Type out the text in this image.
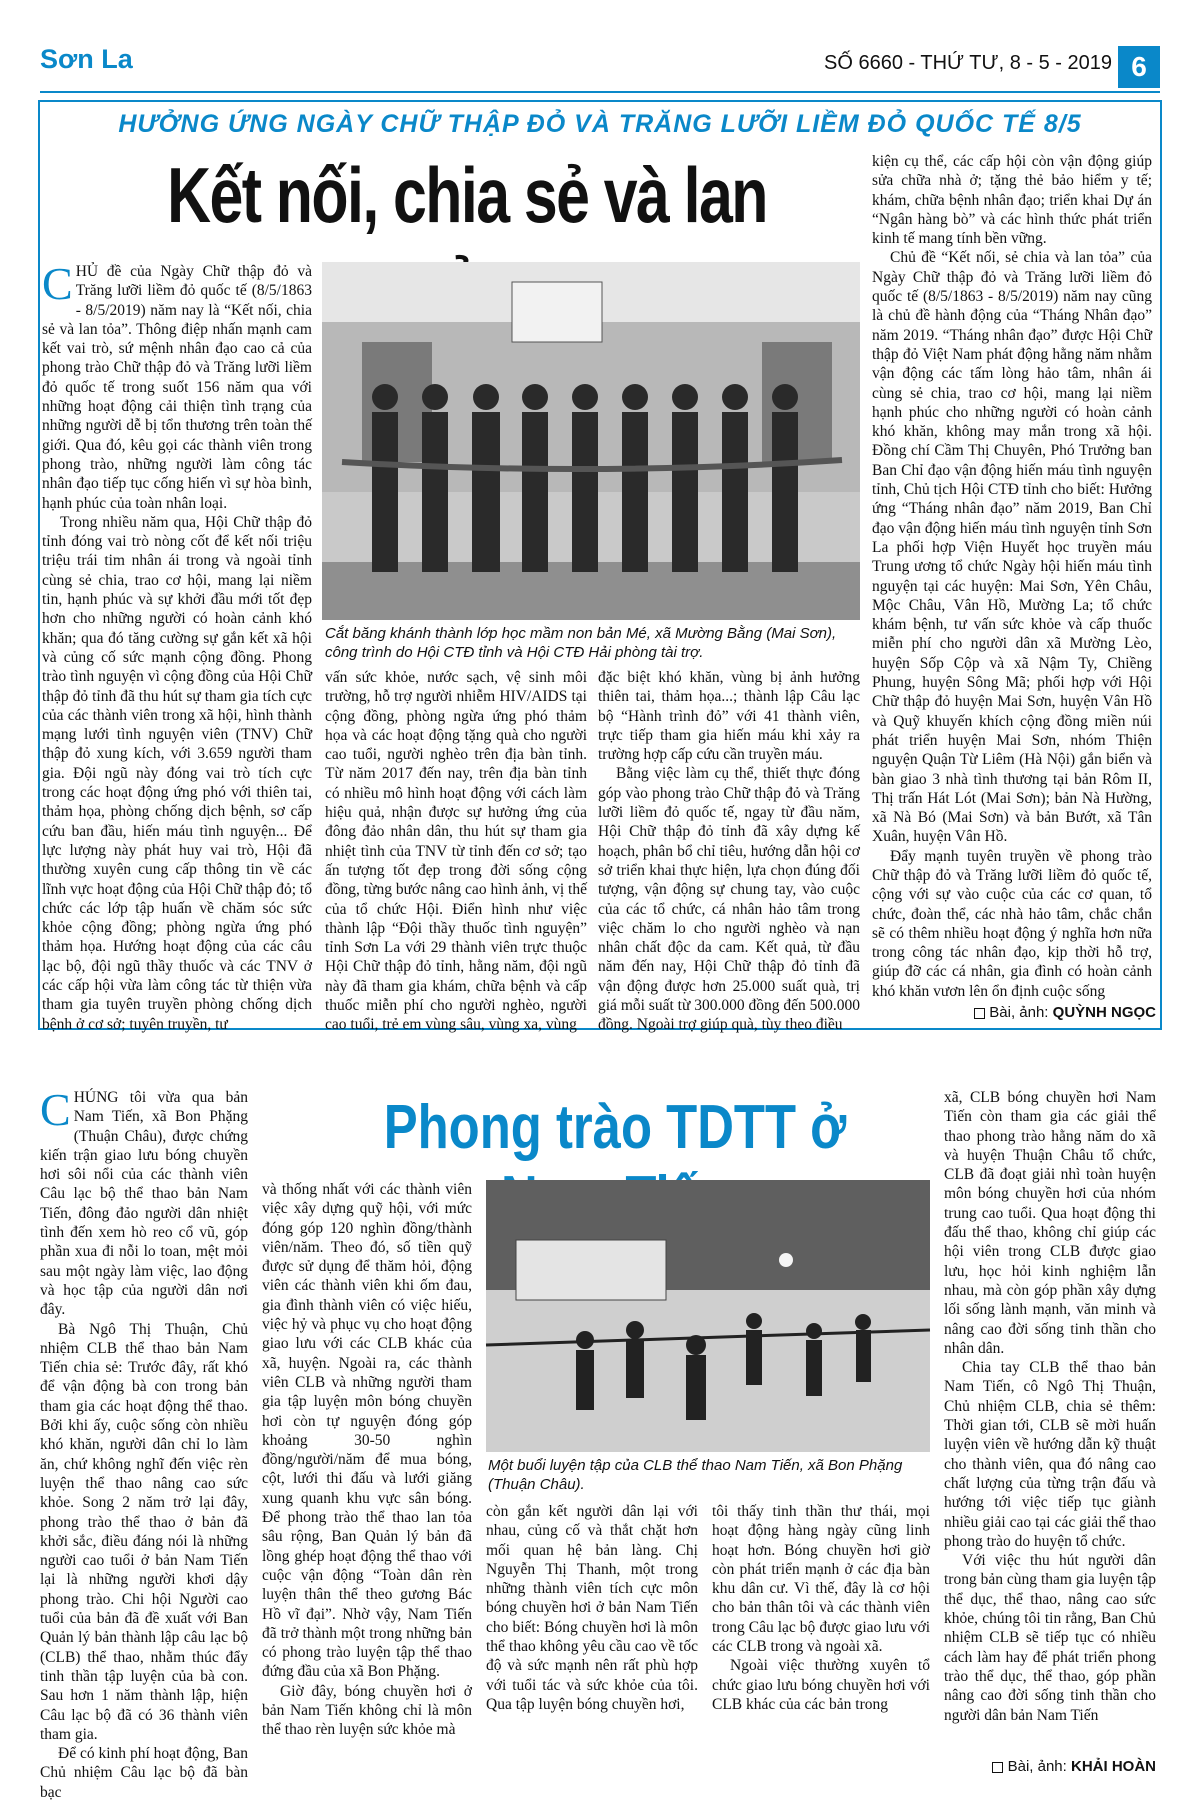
Sơn La	SỐ 6660 - THỨ TƯ, 8 - 5 - 2019 6
HƯỞNG ỨNG NGÀY CHỮ THẬP ĐỎ VÀ TRĂNG LƯỠI LIỀM ĐỎ QUỐC TẾ 8/5
Kết nối, chia sẻ và lan

CHỦ đề của Ngày Chữ thập đỏ và Trăng lưỡi liềm đỏ quốc tế (8/5/1863 - 8/5/2019) năm nay là “Kết nối, chia sẻ và lan tỏa”. Thông điệp nhấn mạnh cam kết vai trò, sứ mệnh nhân đạo cao cả của phong trào Chữ thập đỏ và Trăng lưỡi liềm đỏ quốc tế trong suốt 156 năm qua với những hoạt động cải thiện tình trạng của những người dễ bị tổn thương trên toàn thế giới. Qua đó, kêu gọi các thành viên trong phong trào, những người làm công tác nhân đạo tiếp tục cống hiến vì sự hòa bình, hạnh phúc của toàn nhân loại.

Trong nhiều năm qua, Hội Chữ thập đỏ tỉnh đóng vai trò nòng cốt để kết nối triệu triệu trái tim nhân ái trong và ngoài tỉnh cùng sẻ chia, trao cơ hội, mang lại niềm tin, hạnh phúc và sự khởi đầu mới tốt đẹp hơn cho những người có hoàn cảnh khó khăn; qua đó tăng cường sự gắn kết xã hội và củng cố sức mạnh cộng đồng. Phong trào tình nguyện vì cộng đồng của Hội Chữ thập đỏ tỉnh đã thu hút sự tham gia tích cực của các thành viên trong xã hội, hình thành mạng lưới tình nguyện viên (TNV) Chữ thập đỏ xung kích, với 3.659 người tham gia. Đội ngũ này đóng vai trò tích cực trong các hoạt động ứng phó với thiên tai, thảm họa, phòng chống dịch bệnh, sơ cấp cứu ban đầu, hiến máu tình nguyện... Để lực lượng này phát huy vai trò, Hội đã thường xuyên cung cấp thông tin về các lĩnh vực hoạt động của Hội Chữ thập đỏ; tổ chức các lớp tập huấn về chăm sóc sức khỏe cộng đồng; phòng ngừa ứng phó thảm họa. Hướng hoạt động của các câu lạc bộ, đội ngũ thầy thuốc và các TNV ở các cấp hội vừa làm công tác từ thiện vừa tham gia tuyên truyền phòng chống dịch bệnh ở cơ sở; tuyên truyền, tư

Cắt băng khánh thành lớp học mầm non bản Mé, xã Mường Bằng (Mai Sơn), công trình do Hội CTĐ tỉnh và Hội CTĐ Hải phòng tài trợ.

vấn sức khỏe, nước sạch, vệ sinh môi trường, hỗ trợ người nhiễm HIV/AIDS tại cộng đồng, phòng ngừa ứng phó thảm họa và các hoạt động tặng quà cho người cao tuổi, người nghèo trên địa bàn tỉnh. Từ năm 2017 đến nay, trên địa bàn tỉnh có nhiều mô hình hoạt động với cách làm hiệu quả, nhận được sự hưởng ứng của đông đảo nhân dân, thu hút sự tham gia nhiệt tình của TNV từ tỉnh đến cơ sở; tạo ấn tượng tốt đẹp trong đời sống cộng đồng, từng bước nâng cao hình ảnh, vị thế của tổ chức Hội. Điển hình như việc thành lập “Đội thầy thuốc tình nguyện” tỉnh Sơn La với 29 thành viên trực thuộc Hội Chữ thập đỏ tỉnh, hằng năm, đội ngũ này đã tham gia khám, chữa bệnh và cấp thuốc miễn phí cho người nghèo, người cao tuổi, trẻ em vùng sâu, vùng xa, vùng

đặc biệt khó khăn, vùng bị ảnh hưởng thiên tai, thảm họa...; thành lập Câu lạc bộ “Hành trình đỏ” với 41 thành viên, trực tiếp tham gia hiến máu khi xảy ra trường hợp cấp cứu cần truyền máu.

Bằng việc làm cụ thể, thiết thực đóng góp vào phong trào Chữ thập đỏ và Trăng lưỡi liềm đỏ quốc tế, ngay từ đầu năm, Hội Chữ thập đỏ tỉnh đã xây dựng kế hoạch, phân bổ chỉ tiêu, hướng dẫn hội cơ sở triển khai thực hiện, lựa chọn đúng đối tượng, vận động sự chung tay, vào cuộc của các tổ chức, cá nhân hảo tâm trong việc chăm lo cho người nghèo và nạn nhân chất độc da cam. Kết quả, từ đầu năm đến nay, Hội Chữ thập đỏ tỉnh đã vận động được hơn 25.000 suất quà, trị giá mỗi suất từ 300.000 đồng đến 500.000 đồng. Ngoài trợ giúp quà, tùy theo điều

kiện cụ thể, các cấp hội còn vận động giúp sửa chữa nhà ở; tặng thẻ bảo hiểm y tế; khám, chữa bệnh nhân đạo; triển khai Dự án “Ngân hàng bò” và các hình thức phát triển kinh tế mang tính bền vững.

Chủ đề “Kết nối, sẻ chia và lan tỏa” của Ngày Chữ thập đỏ và Trăng lưỡi liềm đỏ quốc tế (8/5/1863 - 8/5/2019) năm nay cũng là chủ đề hành động của “Tháng Nhân đạo” năm 2019. “Tháng nhân đạo” được Hội Chữ thập đỏ Việt Nam phát động hằng năm nhằm vận động các tấm lòng hảo tâm, nhân ái cùng sẻ chia, trao cơ hội, mang lại niềm hạnh phúc cho những người có hoàn cảnh khó khăn, không may mắn trong xã hội. Đồng chí Cầm Thị Chuyên, Phó Trưởng ban Ban Chỉ đạo vận động hiến máu tình nguyện tỉnh, Chủ tịch Hội CTĐ tỉnh cho biết: Hưởng ứng “Tháng nhân đạo” năm 2019, Ban Chỉ đạo vận động hiến máu tình nguyện tỉnh Sơn La phối hợp Viện Huyết học truyền máu Trung ương tổ chức Ngày hội hiến máu tình nguyện tại các huyện: Mai Sơn, Yên Châu, Mộc Châu, Vân Hồ, Mường La; tổ chức khám bệnh, tư vấn sức khỏe và cấp thuốc miễn phí cho người dân xã Mường Lèo, huyện Sốp Cộp và xã Nậm Ty, Chiềng Phung, huyện Sông Mã; phối hợp với Hội Chữ thập đỏ huyện Mai Sơn, huyện Vân Hồ và Quỹ khuyến khích cộng đồng miền núi phát triển huyện Mai Sơn, nhóm Thiện nguyện Quận Từ Liêm (Hà Nội) gắn biển và bàn giao 3 nhà tình thương tại bản Rôm II, Thị trấn Hát Lót (Mai Sơn); bản Nà Hường, xã Nà Bó (Mai Sơn) và bản Bướt, xã Tân Xuân, huyện Vân Hồ.

Đẩy mạnh tuyên truyền về phong trào Chữ thập đỏ và Trăng lưỡi liềm đỏ quốc tế, cộng với sự vào cuộc của các cơ quan, tổ chức, đoàn thể, các nhà hảo tâm, chắc chắn sẽ có thêm nhiều hoạt động ý nghĩa hơn nữa trong công tác nhân đạo, kịp thời hỗ trợ, giúp đỡ các cá nhân, gia đình có hoàn cảnh khó khăn vươn lên ổn định cuộc sống

Bài, ảnh: QUỲNH NGỌC
Phong trào TDTT ở

CHÚNG tôi vừa qua bản Nam Tiến, xã Bon Phặng (Thuận Châu), được chứng kiến trận giao lưu bóng chuyền hơi sôi nổi của các thành viên Câu lạc bộ thể thao bản Nam Tiến, đông đảo người dân nhiệt tình đến xem hò reo cổ vũ, góp phần xua đi nỗi lo toan, mệt mỏi sau một ngày làm việc, lao động và học tập của người dân nơi đây.

Bà Ngô Thị Thuận, Chủ nhiệm CLB thể thao bản Nam Tiến chia sẻ: Trước đây, rất khó để vận động bà con trong bản tham gia các hoạt động thể thao. Bởi khi ấy, cuộc sống còn nhiều khó khăn, người dân chỉ lo làm ăn, chứ không nghĩ đến việc rèn luyện thể thao nâng cao sức khỏe. Song 2 năm trở lại đây, phong trào thể thao ở bản đã khởi sắc, điều đáng nói là những người cao tuổi ở bản Nam Tiến lại là những người khơi dậy phong trào. Chi hội Người cao tuổi của bản đã đề xuất với Ban Quản lý bản thành lập câu lạc bộ (CLB) thể thao, nhằm thúc đẩy tinh thần tập luyện của bà con. Sau hơn 1 năm thành lập, hiện Câu lạc bộ đã có 36 thành viên tham gia.

Để có kinh phí hoạt động, Ban Chủ nhiệm Câu lạc bộ đã bàn bạc

và thống nhất với các thành viên việc xây dựng quỹ hội, với mức đóng góp 120 nghìn đồng/thành viên/năm. Theo đó, số tiền quỹ được sử dụng để thăm hỏi, động viên các thành viên khi ốm đau, gia đình thành viên có việc hiếu, việc hỷ và phục vụ cho hoạt động giao lưu với các CLB khác của xã, huyện. Ngoài ra, các thành viên CLB và những người tham gia tập luyện môn bóng chuyền hơi còn tự nguyện đóng góp khoảng 30-50 nghìn đồng/người/năm để mua bóng, cột, lưới thi đấu và lưới giăng xung quanh khu vực sân bóng. Để phong trào thể thao lan tỏa sâu rộng, Ban Quản lý bản đã lồng ghép hoạt động thể thao với cuộc vận động “Toàn dân rèn luyện thân thể theo gương Bác Hồ vĩ đại”. Nhờ vậy, Nam Tiến đã trở thành một trong những bản có phong trào luyện tập thể thao đứng đầu của xã Bon Phặng.

Giờ đây, bóng chuyền hơi ở bản Nam Tiến không chỉ là môn thể thao rèn luyện sức khỏe mà

Một buổi luyện tập của CLB thể thao Nam Tiến, xã Bon Phặng (Thuận Châu).

còn gắn kết người dân lại với nhau, củng cố và thắt chặt hơn mối quan hệ bản làng. Chị Nguyễn Thị Thanh, một trong những thành viên tích cực môn bóng chuyền hơi ở bản Nam Tiến cho biết: Bóng chuyền hơi là môn thể thao không yêu cầu cao về tốc độ và sức mạnh nên rất phù hợp với tuổi tác và sức khỏe của tôi. Qua tập luyện bóng chuyền hơi,

tôi thấy tinh thần thư thái, mọi hoạt động hàng ngày cũng linh hoạt hơn. Bóng chuyền hơi giờ còn phát triển mạnh ở các địa bàn khu dân cư. Vì thế, đây là cơ hội cho bản thân tôi và các thành viên trong Câu lạc bộ được giao lưu với các CLB trong và ngoài xã.

Ngoài việc thường xuyên tổ chức giao lưu bóng chuyền hơi với CLB khác của các bản trong

xã, CLB bóng chuyền hơi Nam Tiến còn tham gia các giải thể thao phong trào hằng năm do xã và huyện Thuận Châu tổ chức, CLB đã đoạt giải nhì toàn huyện môn bóng chuyền hơi của nhóm trung cao tuổi. Qua hoạt động thi đấu thể thao, không chỉ giúp các hội viên trong CLB được giao lưu, học hỏi kinh nghiệm lẫn nhau, mà còn góp phần xây dựng lối sống lành mạnh, văn minh và nâng cao đời sống tinh thần cho nhân dân.

Chia tay CLB thể thao bản Nam Tiến, cô Ngô Thị Thuận, Chủ nhiệm CLB, chia sẻ thêm: Thời gian tới, CLB sẽ mời huấn luyện viên về hướng dẫn kỹ thuật cho thành viên, qua đó nâng cao chất lượng của từng trận đấu và hướng tới việc tiếp tục giành nhiều giải cao tại các giải thể thao phong trào do huyện tổ chức.

Với việc thu hút người dân trong bản cùng tham gia luyện tập thể dục, thể thao, nâng cao sức khỏe, chúng tôi tin rằng, Ban Chủ nhiệm CLB sẽ tiếp tục có nhiều cách làm hay để phát triển phong trào thể dục, thể thao, góp phần nâng cao đời sống tinh thần cho người dân bản Nam Tiến

Bài, ảnh: KHẢI HOÀN
